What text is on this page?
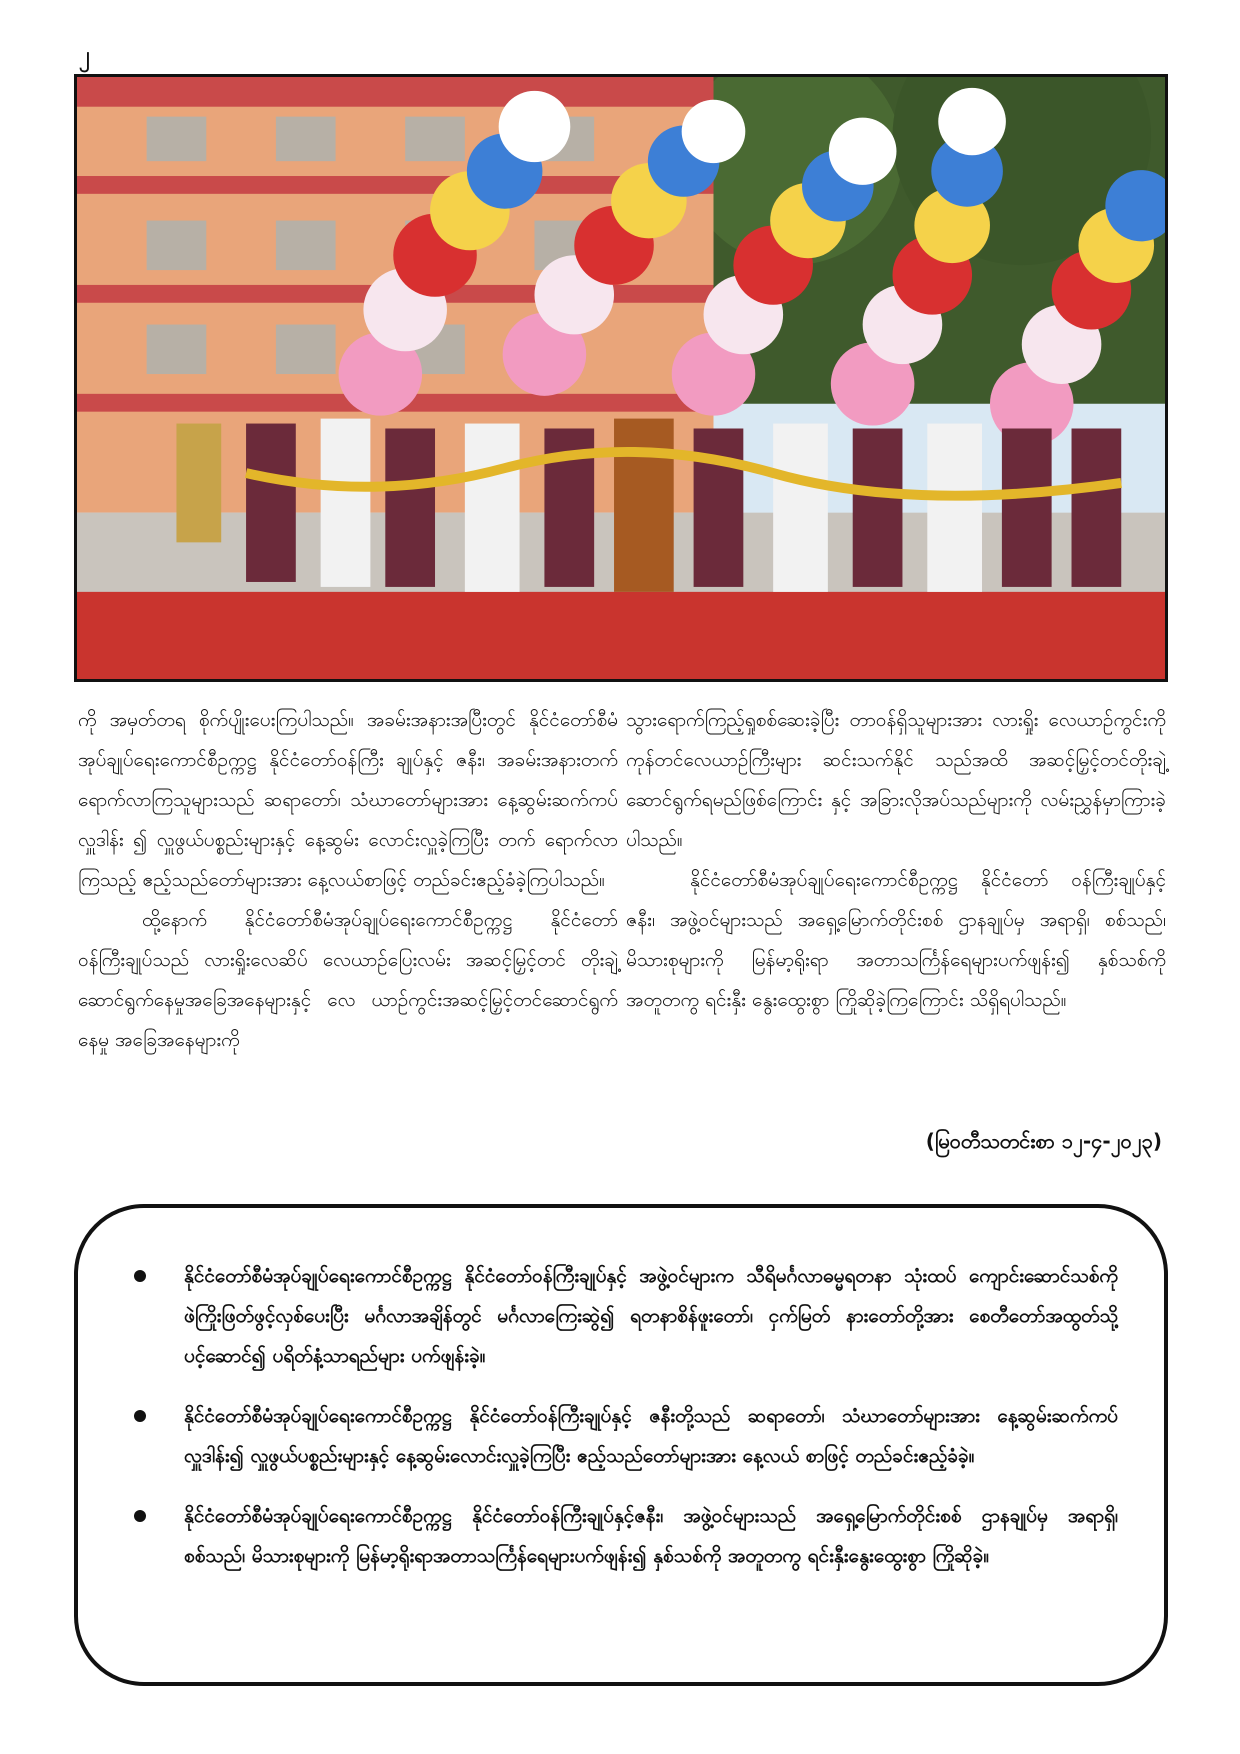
၂

ကို အမှတ်တရ စိုက်ပျိုးပေးကြပါသည်။ အခမ်းအနားအပြီးတွင် နိုင်ငံတော်စီမံအုပ်ချုပ်ရေးကောင်စီဥက္ကဋ္ဌ နိုင်ငံတော်ဝန်ကြီး ချုပ်နှင့် ဇနီး၊ အခမ်းအနားတက်ရောက်လာကြသူများသည် ဆရာတော်၊ သံဃာတော်များအား နေ့ဆွမ်းဆက်ကပ်လှူဒါန်း ၍ လှူဖွယ်ပစ္စည်းများနှင့် နေ့ဆွမ်း လောင်းလှူခဲ့ကြပြီး တက် ရောက်လာကြသည့် ဧည့်သည်တော်များအား နေ့လယ်စာဖြင့် တည်ခင်းဧည့်ခံခဲ့ကြပါသည်။

ထို့နောက် နိုင်ငံတော်စီမံအုပ်ချုပ်ရေးကောင်စီဥက္ကဋ္ဌ နိုင်ငံတော်ဝန်ကြီးချုပ်သည် လားရှိုးလေဆိပ် လေယာဉ်ပြေးလမ်း အဆင့်မြှင့်တင် တိုးချဲ့ဆောင်ရွက်နေမှုအခြေအနေများနှင့် လေ ယာဉ်ကွင်းအဆင့်မြှင့်တင်ဆောင်ရွက်နေမှု အခြေအနေများကို

သွားရောက်ကြည့်ရှုစစ်ဆေးခဲ့ပြီး တာဝန်ရှိသူများအား လားရှိုး လေယာဉ်ကွင်းကို ကုန်တင်လေယာဉ်ကြီးများ ဆင်းသက်နိုင် သည်အထိ အဆင့်မြှင့်တင်တိုးချဲ့ဆောင်ရွက်ရမည်ဖြစ်ကြောင်း နှင့် အခြားလိုအပ်သည်များကို လမ်းညွှန်မှာကြားခဲ့ပါသည်။

နိုင်ငံတော်စီမံအုပ်ချုပ်ရေးကောင်စီဥက္ကဋ္ဌ နိုင်ငံတော် ဝန်ကြီးချုပ်နှင့် ဇနီး၊ အဖွဲ့ဝင်များသည် အရှေ့မြောက်တိုင်းစစ် ဌာနချုပ်မှ အရာရှိ၊ စစ်သည်၊ မိသားစုများကို မြန်မာ့ရိုးရာ အတာသင်္ကြန်ရေများပက်ဖျန်း၍ နှစ်သစ်ကို အတူတကွ ရင်းနှီး နွေးထွေးစွာ ကြိုဆိုခဲ့ကြကြောင်း သိရှိရပါသည်။

(မြဝတီသတင်းစာ ၁၂-၄-၂၀၂၃)
နိုင်ငံတော်စီမံအုပ်ချုပ်ရေးကောင်စီဥက္ကဋ္ဌ နိုင်ငံတော်ဝန်ကြီးချုပ်နှင့် အဖွဲ့ဝင်များက သီရိမင်္ဂလာဓမ္မရတနာ သုံးထပ် ကျောင်းဆောင်သစ်ကို ဖဲကြိုးဖြတ်ဖွင့်လှစ်ပေးပြီး မင်္ဂလာအချိန်တွင် မင်္ဂလာကြေးဆွဲ၍ ရတနာစိန်ဖူးတော်၊ ငှက်မြတ် နားတော်တို့အား စေတီတော်အထွတ်သို့ ပင့်ဆောင်၍ ပရိတ်နံ့သာရည်များ ပက်ဖျန်းခဲ့။
နိုင်ငံတော်စီမံအုပ်ချုပ်ရေးကောင်စီဥက္ကဋ္ဌ နိုင်ငံတော်ဝန်ကြီးချုပ်နှင့် ဇနီးတို့သည် ဆရာတော်၊ သံဃာတော်များအား နေ့ဆွမ်းဆက်ကပ်လှူဒါန်း၍ လှူဖွယ်ပစ္စည်းများနှင့် နေ့ဆွမ်းလောင်းလှူခဲ့ကြပြီး ဧည့်သည်တော်များအား နေ့လယ် စာဖြင့် တည်ခင်းဧည့်ခံခဲ့။
နိုင်ငံတော်စီမံအုပ်ချုပ်ရေးကောင်စီဥက္ကဋ္ဌ နိုင်ငံတော်ဝန်ကြီးချုပ်နှင့်ဇနီး၊ အဖွဲ့ဝင်များသည် အရှေ့မြောက်တိုင်းစစ် ဌာနချုပ်မှ အရာရှိ၊ စစ်သည်၊ မိသားစုများကို မြန်မာ့ရိုးရာအတာသင်္ကြန်ရေများပက်ဖျန်း၍ နှစ်သစ်ကို အတူတကွ ရင်းနှီးနွေးထွေးစွာ ကြိုဆိုခဲ့။
